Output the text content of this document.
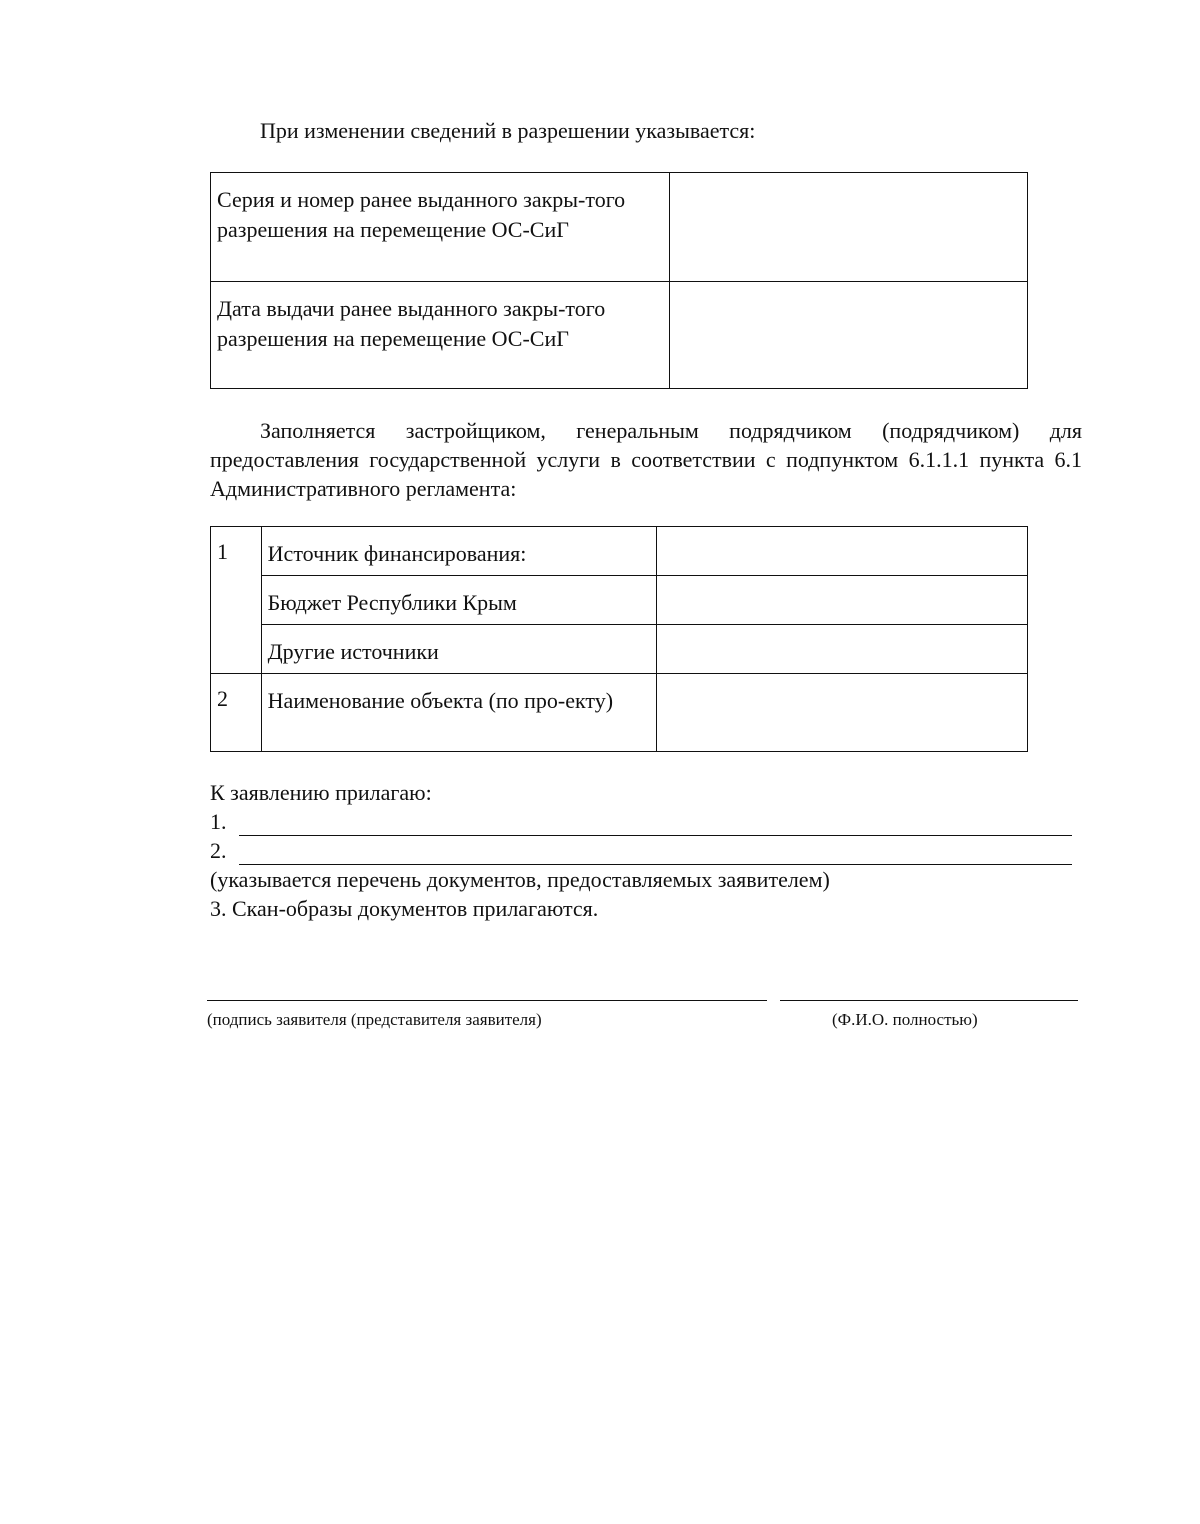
При изменении сведений в разрешении указывается:
Серия и номер ранее выданного закры-того разрешения на перемещение ОС-СиГ	
Дата выдачи ранее выданного закры-того разрешения на перемещение ОС-СиГ	
Заполняется застройщиком, генеральным подрядчиком (подрядчиком) для предоставления государственной услуги в соответствии с подпунктом 6.1.1.1 пункта 6.1 Административного регламента:
1	Источник финансирования:	
	Бюджет Республики Крым	
	Другие источники	
2	Наименование объекта (по про-екту)	
К заявлению прилагаю:
1.
2.
(указывается перечень документов, предоставляемых заявителем)
3. Скан-образы документов прилагаются.
(подпись заявителя (представителя заявителя)	(Ф.И.О. полностью)
